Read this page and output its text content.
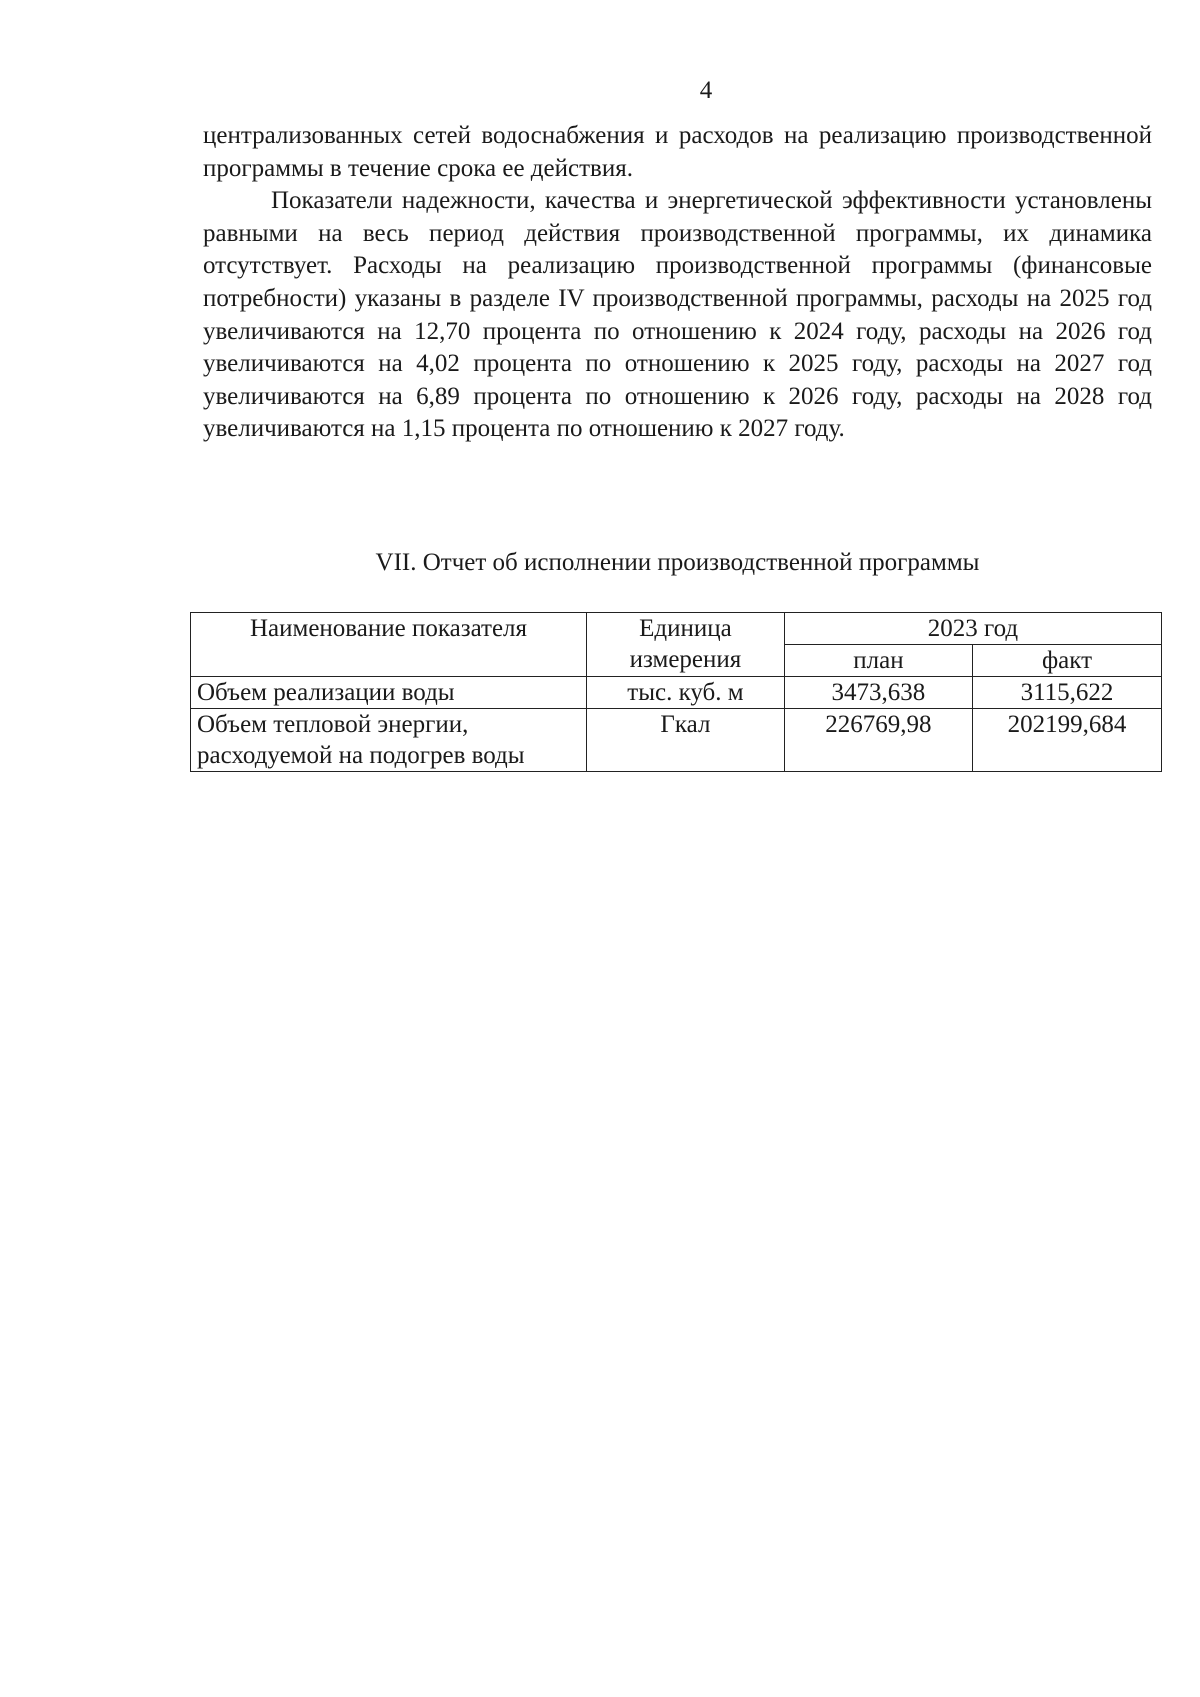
4

централизованных сетей водоснабжения и расходов на реализацию производственной программы в течение срока ее действия.

Показатели надежности, качества и энергетической эффективности установлены равными на весь период действия производственной программы, их динамика отсутствует. Расходы на реализацию производственной программы (финансовые потребности) указаны в разделе IV производственной программы, расходы на 2025 год увеличиваются на 12,70 процента по отношению к 2024 году, расходы на 2026 год увеличиваются на 4,02 процента по отношению к 2025 году, расходы на 2027 год увеличиваются на 6,89 процента по отношению к 2026 году, расходы на 2028 год увеличиваются на 1,15 процента по отношению к 2027 году.

VII. Отчет об исполнении производственной программы
Наименование показателя	Единица измерения	2023 год	
		план	факт
Объем реализации воды	тыс. куб. м	3473,638	3115,622
Объем тепловой энергии, расходуемой на подогрев воды	Гкал	226769,98	202199,684
